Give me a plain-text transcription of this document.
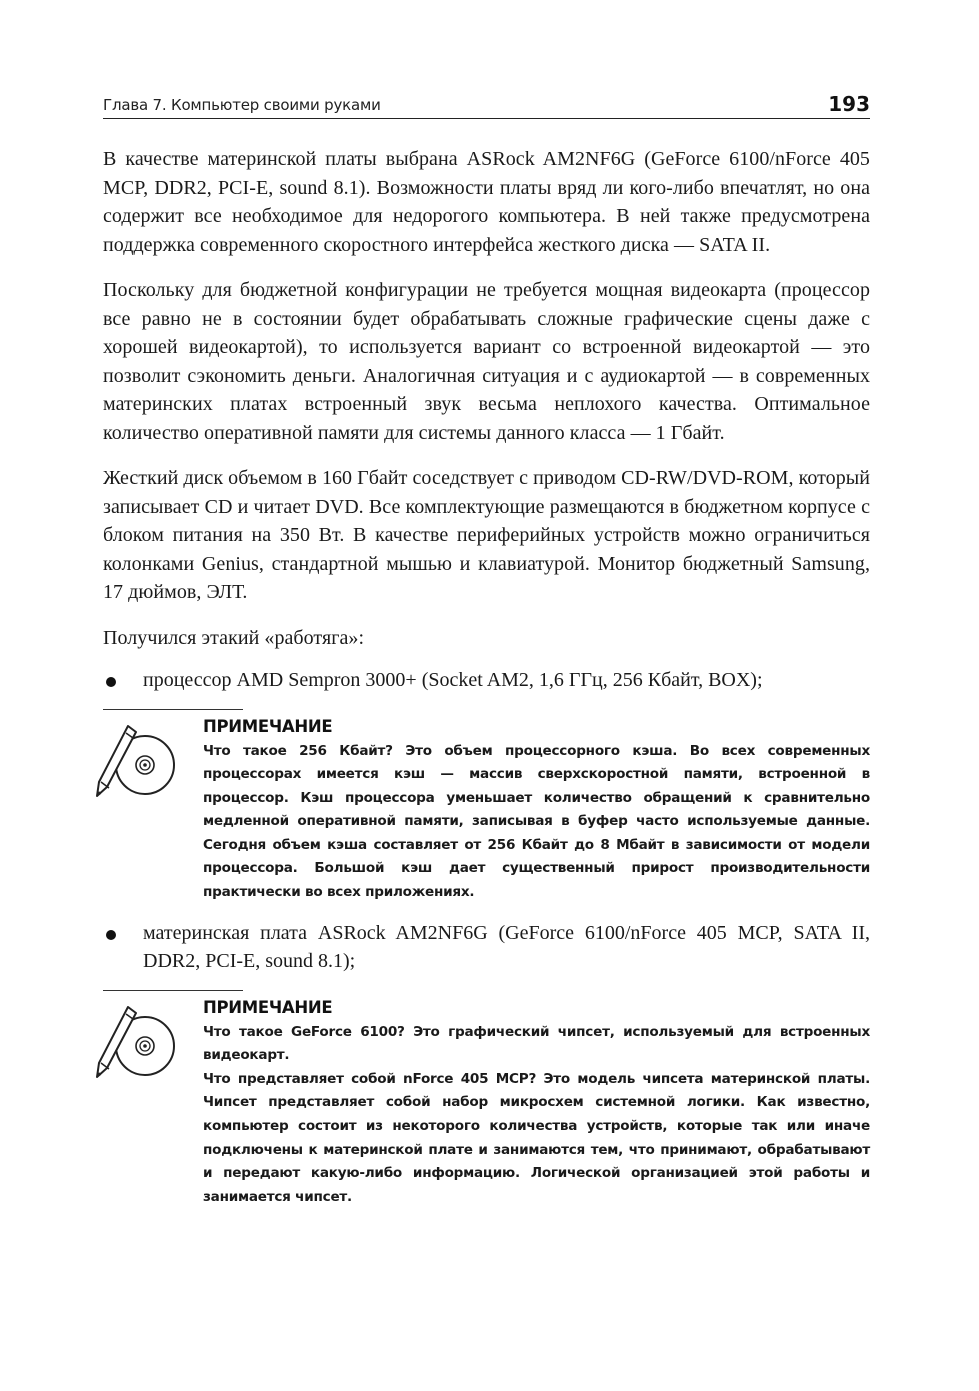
Глава 7. Компьютер своими руками	193

В качестве материнской платы выбрана ASRock AM2NF6G (GeForce 6100/nForce 405 MCP, DDR2, PCI-E, sound 8.1). Возможности платы вряд ли кого-либо впечатлят, но она содержит все необходимое для недорогого компьютера. В ней также предусмотрена поддержка современного скоростного интерфейса жесткого диска — SATA II.

Поскольку для бюджетной конфигурации не требуется мощная видеокарта (процессор все равно не в состоянии будет обрабатывать сложные графические сцены даже с хорошей видеокартой), то используется вариант со встроенной видеокартой — это позволит сэкономить деньги. Аналогичная ситуация и с аудиокартой — в современных материнских платах встроенный звук весьма неплохого качества. Оптимальное количество оперативной памяти для системы данного класса — 1 Гбайт.

Жесткий диск объемом в 160 Гбайт соседствует с приводом CD-RW/DVD-ROM, который записывает CD и читает DVD. Все комплектующие размещаются в бюджетном корпусе с блоком питания на 350 Вт. В качестве периферийных устройств можно ограничиться колонками Genius, стандартной мышью и клавиатурой. Монитор бюджетный Samsung, 17 дюймов, ЭЛТ.

Получился этакий «работяга»:

процессор AMD Sempron 3000+ (Socket AM2, 1,6 ГГц, 256 Кбайт, BOX);
ПРИМЕЧАНИЕ

Что такое 256 Кбайт? Это объем процессорного кэша. Во всех современных процессорах имеется кэш — массив сверхскоростной памяти, встроенной в процессор. Кэш процессора уменьшает количество обращений к сравнительно медленной оперативной памяти, записывая в буфер часто используемые данные. Сегодня объем кэша составляет от 256 Кбайт до 8 Мбайт в зависимости от модели процессора. Большой кэш дает существенный прирост производительности практически во всех приложениях.

материнская плата ASRock AM2NF6G (GeForce 6100/nForce 405 MCP, SATA II, DDR2, PCI-E, sound 8.1);
ПРИМЕЧАНИЕ

Что такое GeForce 6100? Это графический чипсет, используемый для встроенных видеокарт.

Что представляет собой nForce 405 MCP? Это модель чипсета материнской платы. Чипсет представляет собой набор микросхем системной логики. Как известно, компьютер состоит из некоторого количества устройств, которые так или иначе подключены к материнской плате и занимаются тем, что принимают, обрабатывают и передают какую-либо информацию. Логической организацией этой работы и занимается чипсет.
